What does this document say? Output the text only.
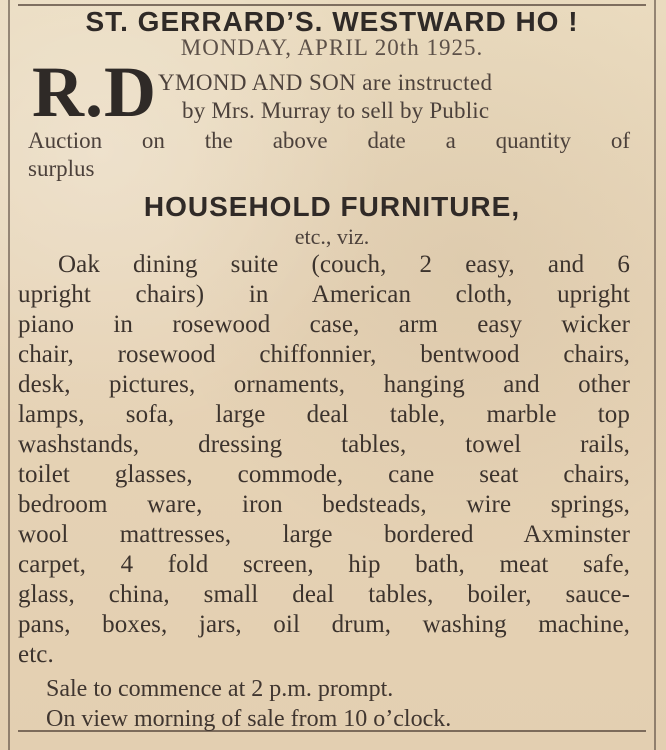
ST. GERRARD’S. WESTWARD HO !
MONDAY, APRIL 20th 1925.
R.D YMOND AND SON are instructed
by Mrs. Murray to sell by Public
Auction on the above date a quantity of
surplus
HOUSEHOLD FURNITURE,
etc., viz.
Oak dining suite (couch, 2 easy, and 6
upright chairs) in American cloth, upright
piano in rosewood case, arm easy wicker
chair, rosewood chiffonnier, bentwood chairs,
desk, pictures, ornaments, hanging and other
lamps, sofa, large deal table, marble top
washstands, dressing tables, towel rails,
toilet glasses, commode, cane seat chairs,
bedroom ware, iron bedsteads, wire springs,
wool mattresses, large bordered Axminster
carpet, 4 fold screen, hip bath, meat safe,
glass, china, small deal tables, boiler, sauce-
pans, boxes, jars, oil drum, washing machine,
etc.
Sale to commence at 2 p.m. prompt.
On view morning of sale from 10 o’clock.
